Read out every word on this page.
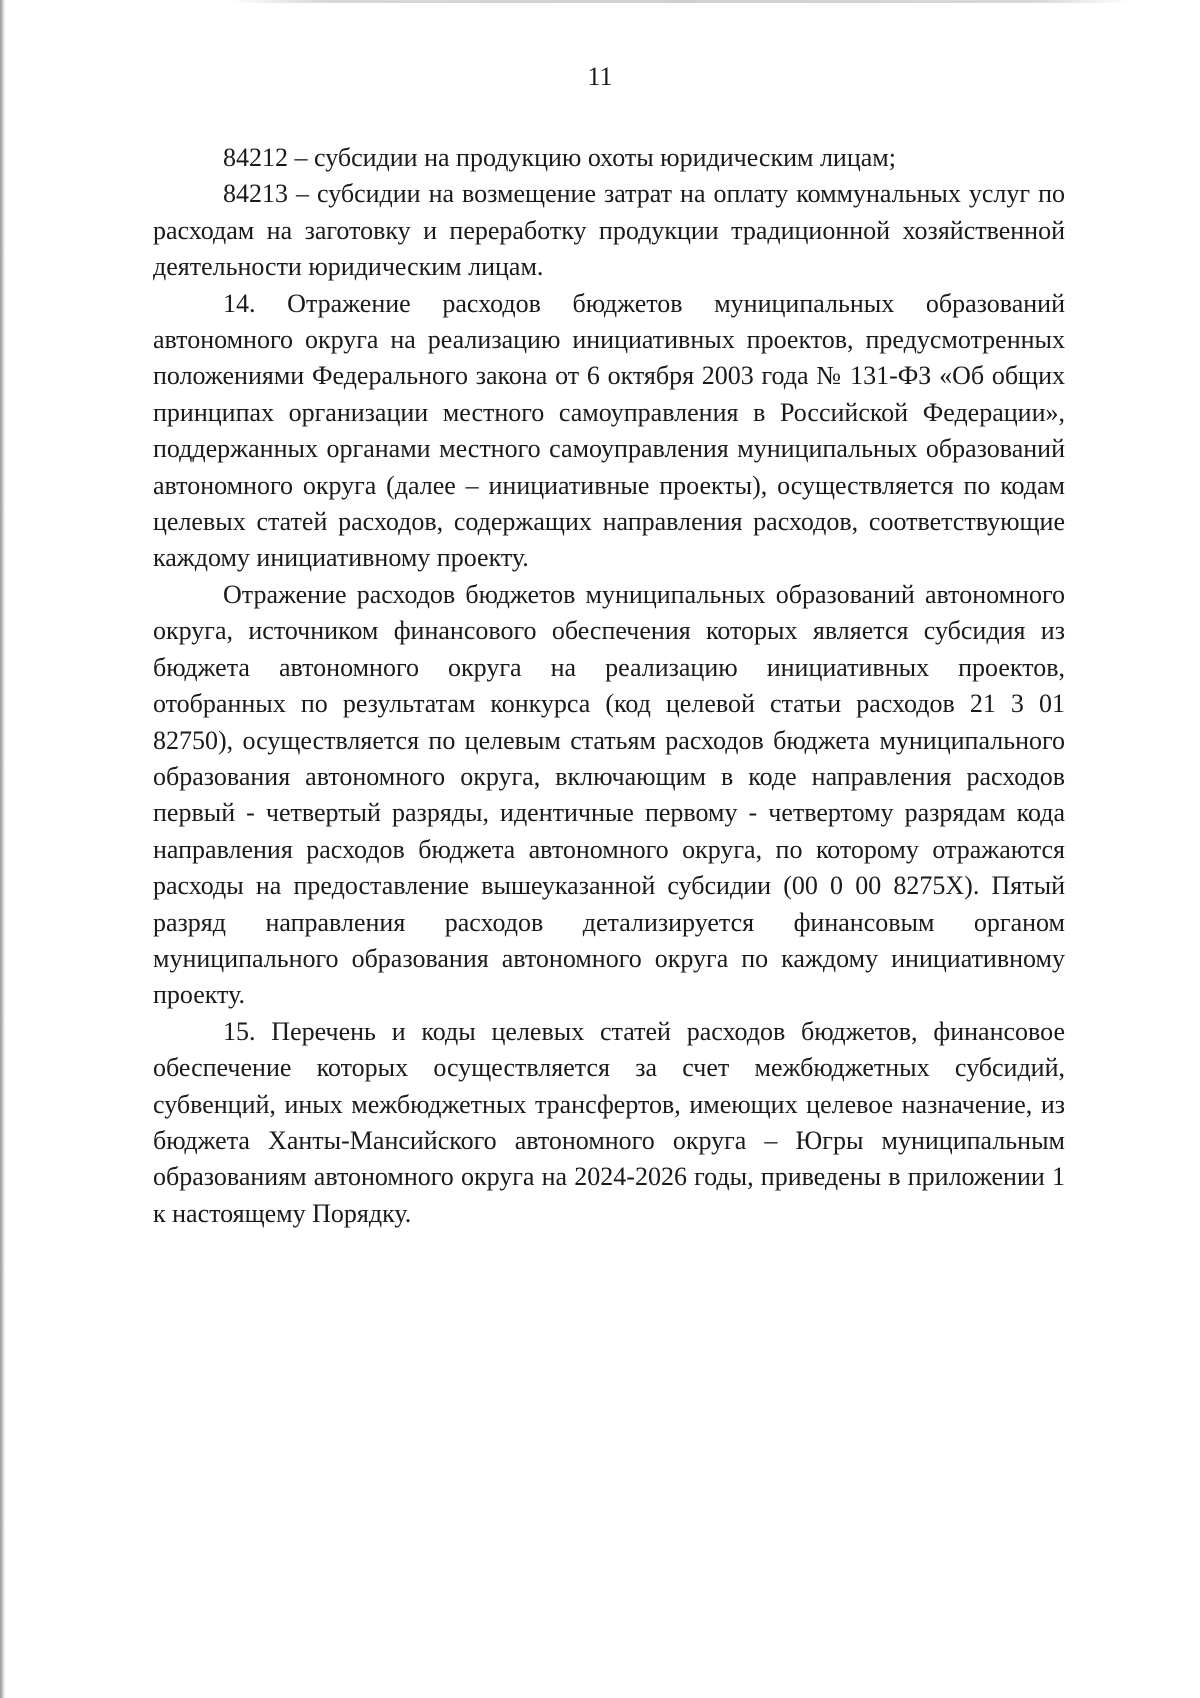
11

84212 – субсидии на продукцию охоты юридическим лицам;

84213 – субсидии на возмещение затрат на оплату коммунальных услуг по расходам на заготовку и переработку продукции традиционной хозяйственной деятельности юридическим лицам.

14. Отражение расходов бюджетов муниципальных образований автономного округа на реализацию инициативных проектов, предусмотренных положениями Федерального закона от 6 октября 2003 года № 131-ФЗ «Об общих принципах организации местного самоуправления в Российской Федерации», поддержанных органами местного самоуправления муниципальных образований автономного округа (далее – инициативные проекты), осуществляется по кодам целевых статей расходов, содержащих направления расходов, соответствующие каждому инициативному проекту.

Отражение расходов бюджетов муниципальных образований автономного округа, источником финансового обеспечения которых является субсидия из бюджета автономного округа на реализацию инициативных проектов, отобранных по результатам конкурса (код целевой статьи расходов 21 3 01 82750), осуществляется по целевым статьям расходов бюджета муниципального образования автономного округа, включающим в коде направления расходов первый - четвертый разряды, идентичные первому - четвертому разрядам кода направления расходов бюджета автономного округа, по которому отражаются расходы на предоставление вышеуказанной субсидии (00 0 00 8275Х). Пятый разряд направления расходов детализируется финансовым органом муниципального образования автономного округа по каждому инициативному проекту.

15. Перечень и коды целевых статей расходов бюджетов, финансовое обеспечение которых осуществляется за счет межбюджетных субсидий, субвенций, иных межбюджетных трансфертов, имеющих целевое назначение, из бюджета Ханты-Мансийского автономного округа – Югры муниципальным образованиям автономного округа на 2024-2026 годы, приведены в приложении 1 к настоящему Порядку.
